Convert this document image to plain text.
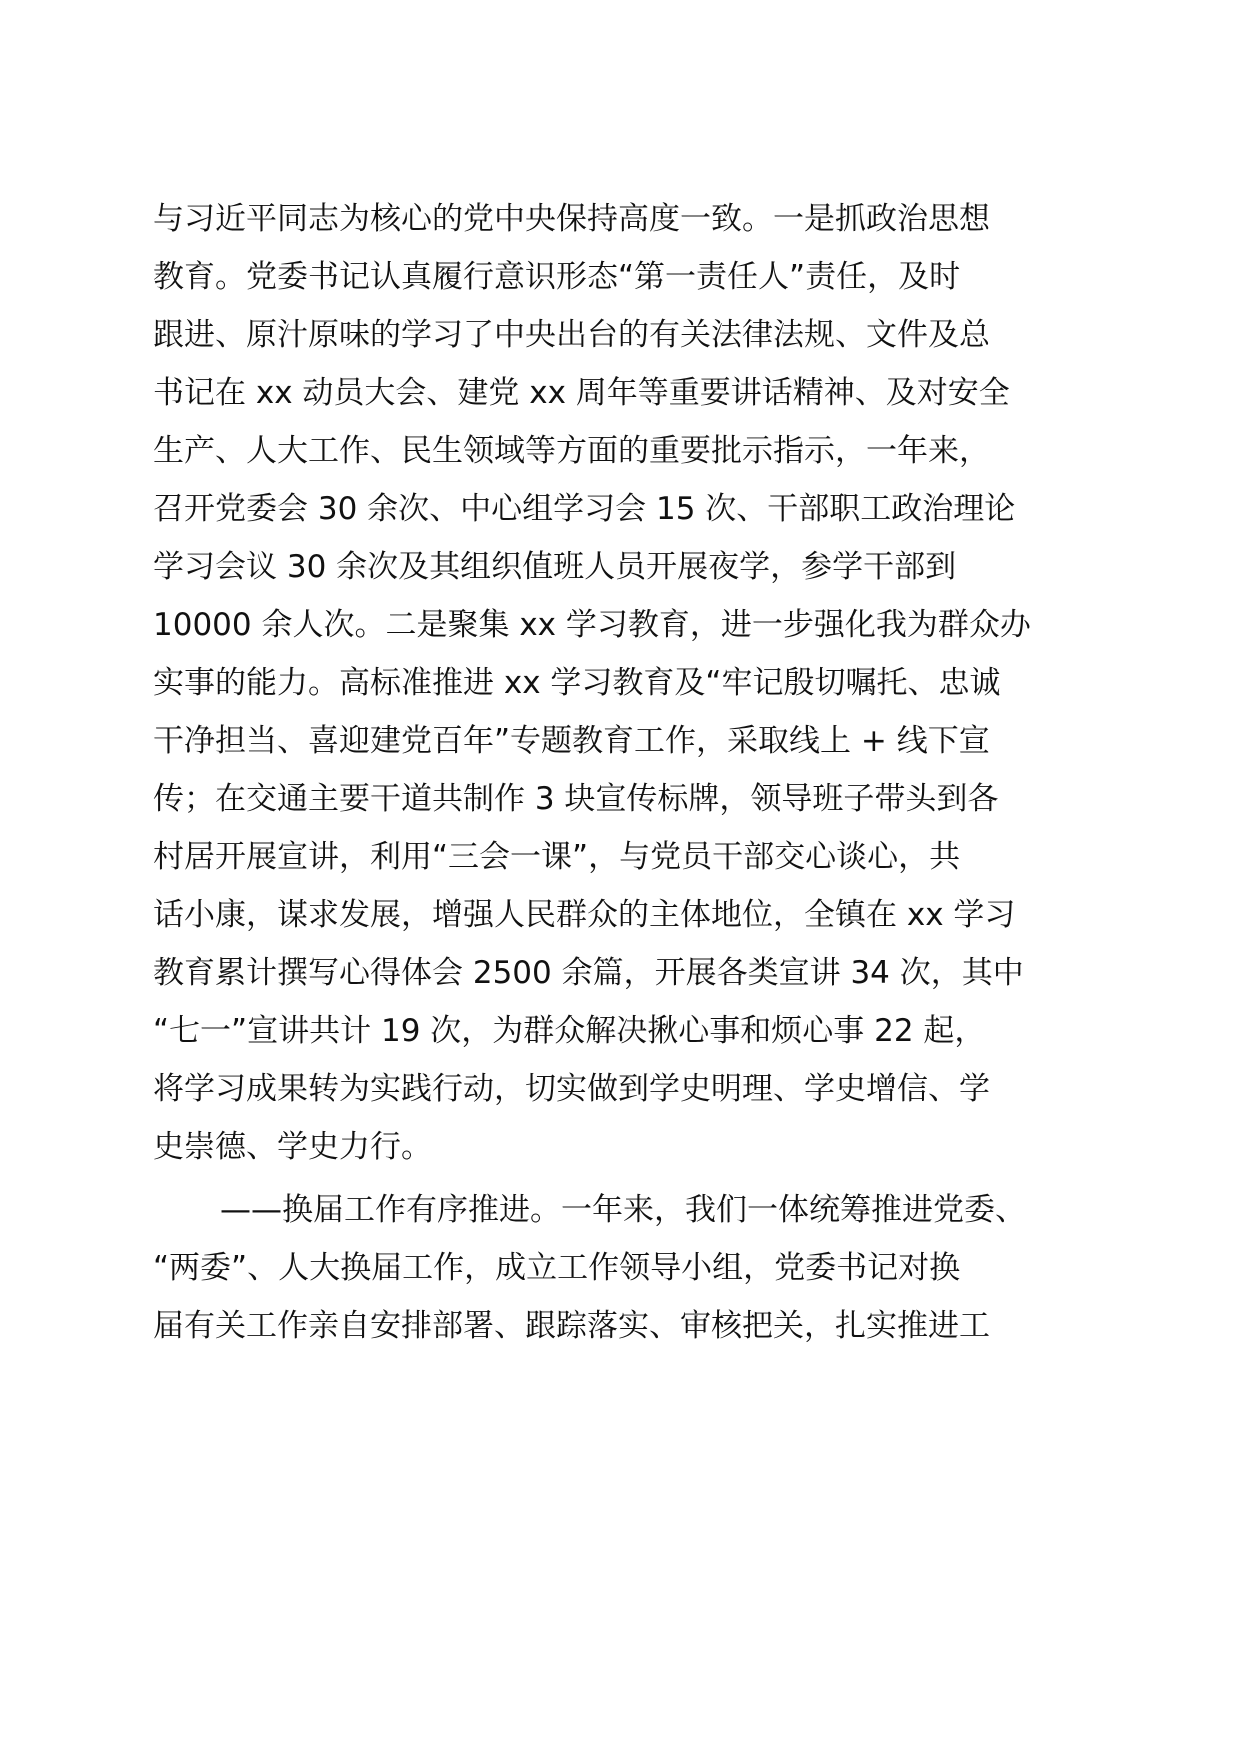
与习近平同志为核心的党中央保持高度一致。一是抓政治思想
教育。党委书记认真履行意识形态“第一责任人”责任，及时
跟进、原汁原味的学习了中央出台的有关法律法规、文件及总
书记在 xx 动员大会、建党 xx 周年等重要讲话精神、及对安全
生产、人大工作、民生领域等方面的重要批示指示，一年来，
召开党委会 30 余次、中心组学习会 15 次、干部职工政治理论
学习会议 30 余次及其组织值班人员开展夜学，参学干部到
10000 余人次。二是聚集 xx 学习教育，进一步强化我为群众办
实事的能力。高标准推进 xx 学习教育及“牢记殷切嘱托、忠诚
干净担当、喜迎建党百年”专题教育工作，采取线上 + 线下宣
传；在交通主要干道共制作 3 块宣传标牌，领导班子带头到各
村居开展宣讲，利用“三会一课”，与党员干部交心谈心，共
话小康，谋求发展，增强人民群众的主体地位，全镇在 xx 学习
教育累计撰写心得体会 2500 余篇，开展各类宣讲 34 次，其中
“七一”宣讲共计 19 次，为群众解决揪心事和烦心事 22 起，
将学习成果转为实践行动，切实做到学史明理、学史增信、学
史崇德、学史力行。
——换届工作有序推进。一年来，我们一体统筹推进党委、
“两委”、人大换届工作，成立工作领导小组，党委书记对换
届有关工作亲自安排部署、跟踪落实、审核把关，扎实推进工
